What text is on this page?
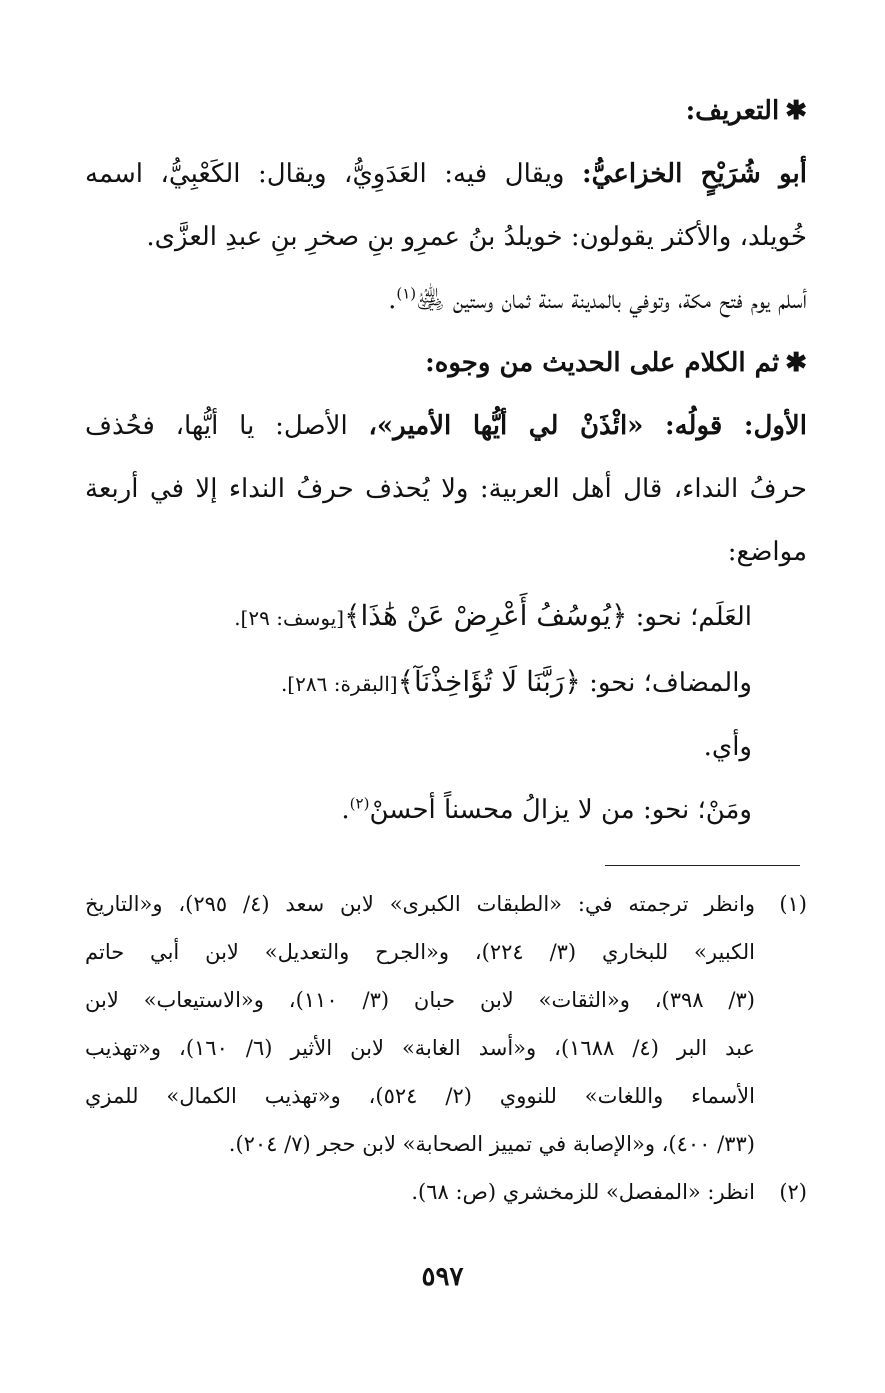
✱التعريف:
أبو شُرَيْحٍ الخزاعيُّ: ويقال فيه: العَدَوِيُّ، ويقال: الكَعْبِيُّ، اسمه
خُويلد، والأكثر يقولون: خويلدُ بنُ عمرِو بنِ صخرِ بنِ عبدِ العزَّى.
أسلم يوم فتح مكة، وتوفي بالمدينة سنة ثمان وستين ﵁$^{(١)}$.
✱ثم الكلام على الحديث من وجوه:
الأول: قولُه: «ائْذَنْ لي أيُّها الأمير»، الأصل: يا أيُّها، فحُذف
حرفُ النداء، قال أهل العربية: ولا يُحذف حرفُ النداء إلا في أربعة
مواضع:
العَلَم؛ نحو: ﴿يُوسُفُ أَعْرِضْ عَنْ هَٰذَا﴾[يوسف: ٢٩].
والمضاف؛ نحو: ﴿رَبَّنَا لَا تُؤَاخِذْنَآ﴾[البقرة: ٢٨٦].
وأي.
ومَنْ؛ نحو: من لا يزالُ محسناً أحسنْ$^{(٢)}$.
(١)
وانظر ترجمته في: «الطبقات الكبرى» لابن سعد (٤/ ٢٩٥)، و«التاريخ
الكبير» للبخاري (٣/ ٢٢٤)، و«الجرح والتعديل» لابن أبي حاتم
(٣/ ٣٩٨)، و«الثقات» لابن حبان (٣/ ١١٠)، و«الاستيعاب» لابن
عبد البر (٤/ ١٦٨٨)، و«أسد الغابة» لابن الأثير (٦/ ١٦٠)، و«تهذيب
الأسماء واللغات» للنووي (٢/ ٥٢٤)، و«تهذيب الكمال» للمزي
(٣٣/ ٤٠٠)، و«الإصابة في تمييز الصحابة» لابن حجر (٧/ ٢٠٤).
(٢)
انظر: «المفصل» للزمخشري (ص: ٦٨).
٥٩٧
